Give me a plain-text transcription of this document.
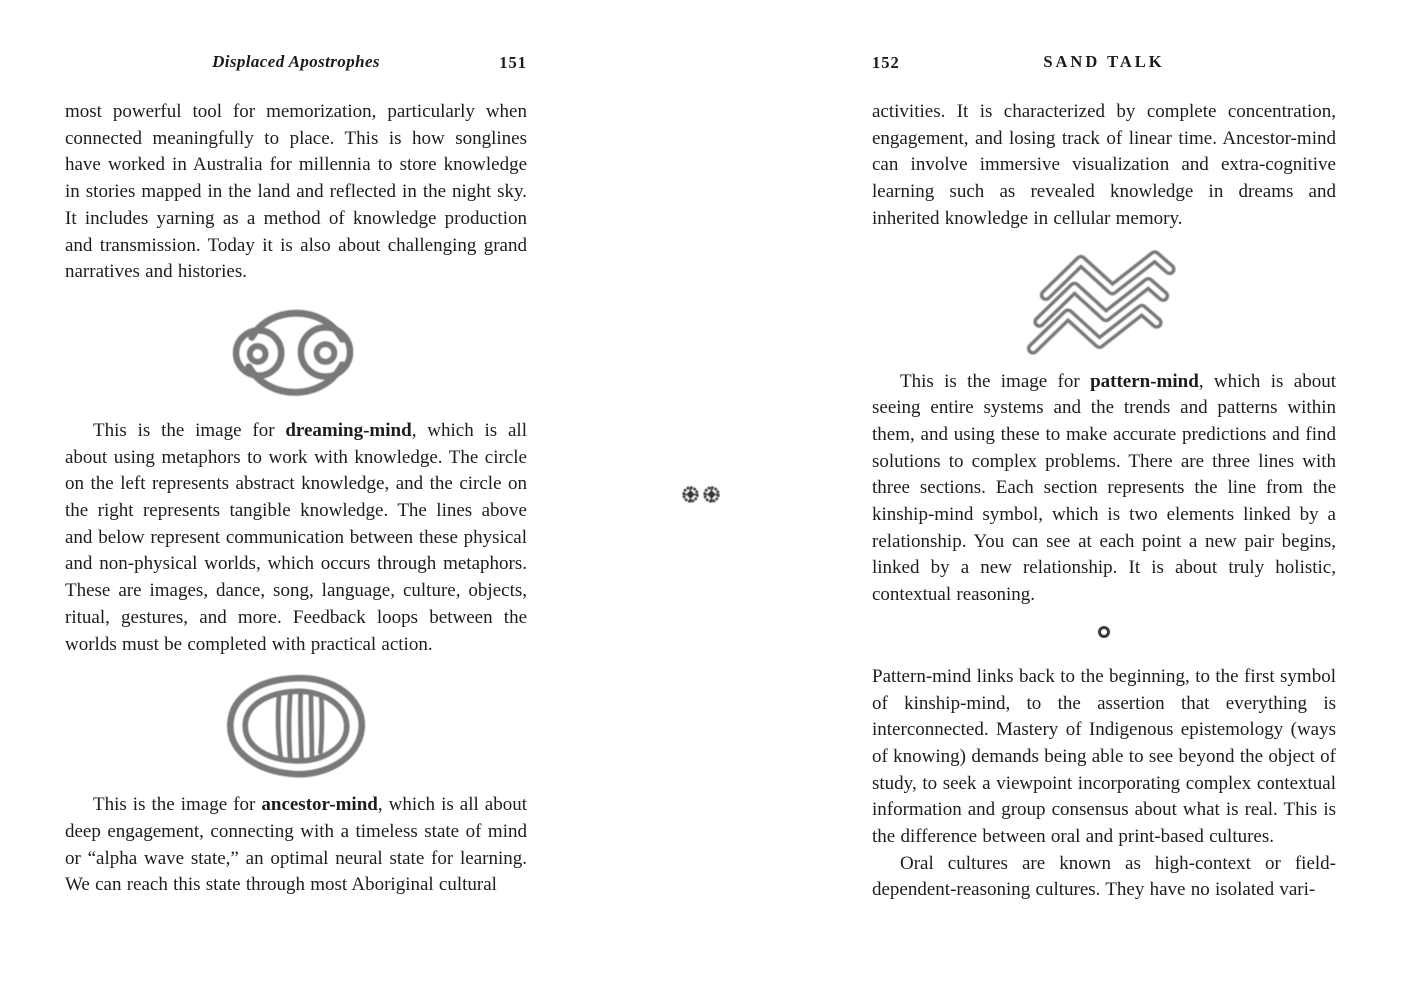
Displaced Apostrophes	151

most powerful tool for memorization, particularly when connected meaningfully to place. This is how songlines have worked in Australia for millennia to store knowledge in stories mapped in the land and reflected in the night sky. It includes yarning as a method of knowledge production and transmission. Today it is also about challenging grand narratives and histories.

This is the image for dreaming-mind, which is all about using metaphors to work with knowledge. The circle on the left represents abstract knowledge, and the circle on the right represents tangible knowledge. The lines above and below represent communication between these physical and non-physical worlds, which occurs through metaphors. These are images, dance, song, language, culture, objects, ritual, gestures, and more. Feedback loops between the worlds must be completed with practical action.

This is the image for ancestor-mind, which is all about deep engagement, connecting with a timeless state of mind or “alpha wave state,” an optimal neural state for learning. We can reach this state through most Aboriginal cultural

152	SAND TALK

activities. It is characterized by complete concentration, engagement, and losing track of linear time. Ancestor-mind can involve immersive visualization and extra-cognitive learning such as revealed knowledge in dreams and inherited knowledge in cellular memory.

This is the image for pattern-mind, which is about seeing entire systems and the trends and patterns within them, and using these to make accurate predictions and find solutions to complex problems. There are three lines with three sections. Each section represents the line from the kinship-mind symbol, which is two elements linked by a relationship. You can see at each point a new pair begins, linked by a new relationship. It is about truly holistic, contextual reasoning.

Pattern-mind links back to the beginning, to the first symbol of kinship-mind, to the assertion that everything is interconnected. Mastery of Indigenous epistemology (ways of knowing) demands being able to see beyond the object of study, to seek a viewpoint incorporating complex contextual information and group consensus about what is real. This is the difference between oral and print-based cultures.

Oral cultures are known as high-context or field-dependent-reasoning cultures. They have no isolated vari-
